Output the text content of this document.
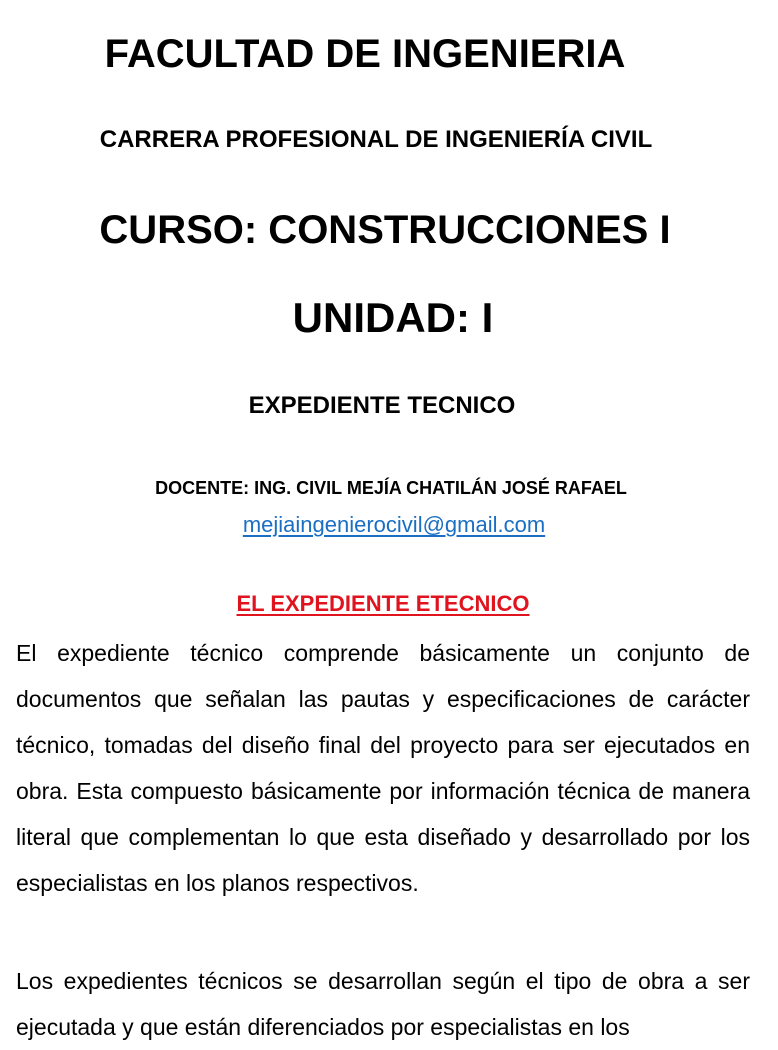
FACULTAD DE INGENIERIA
CARRERA PROFESIONAL DE INGENIERÍA CIVIL
CURSO: CONSTRUCCIONES I
UNIDAD: I
EXPEDIENTE TECNICO
DOCENTE: ING. CIVIL MEJÍA CHATILÁN JOSÉ RAFAEL
mejiaingenierocivil@gmail.com
EL EXPEDIENTE ETECNICO
El expediente técnico comprende básicamente un conjunto de documentos que señalan las pautas y especificaciones de carácter técnico, tomadas del diseño final del proyecto para ser ejecutados en obra. Esta compuesto básicamente por información técnica de manera literal que complementan lo que esta diseñado y desarrollado por los especialistas en los planos respectivos.
Los expedientes técnicos se desarrollan según el tipo de obra a ser ejecutada y que están diferenciados por especialistas en los
